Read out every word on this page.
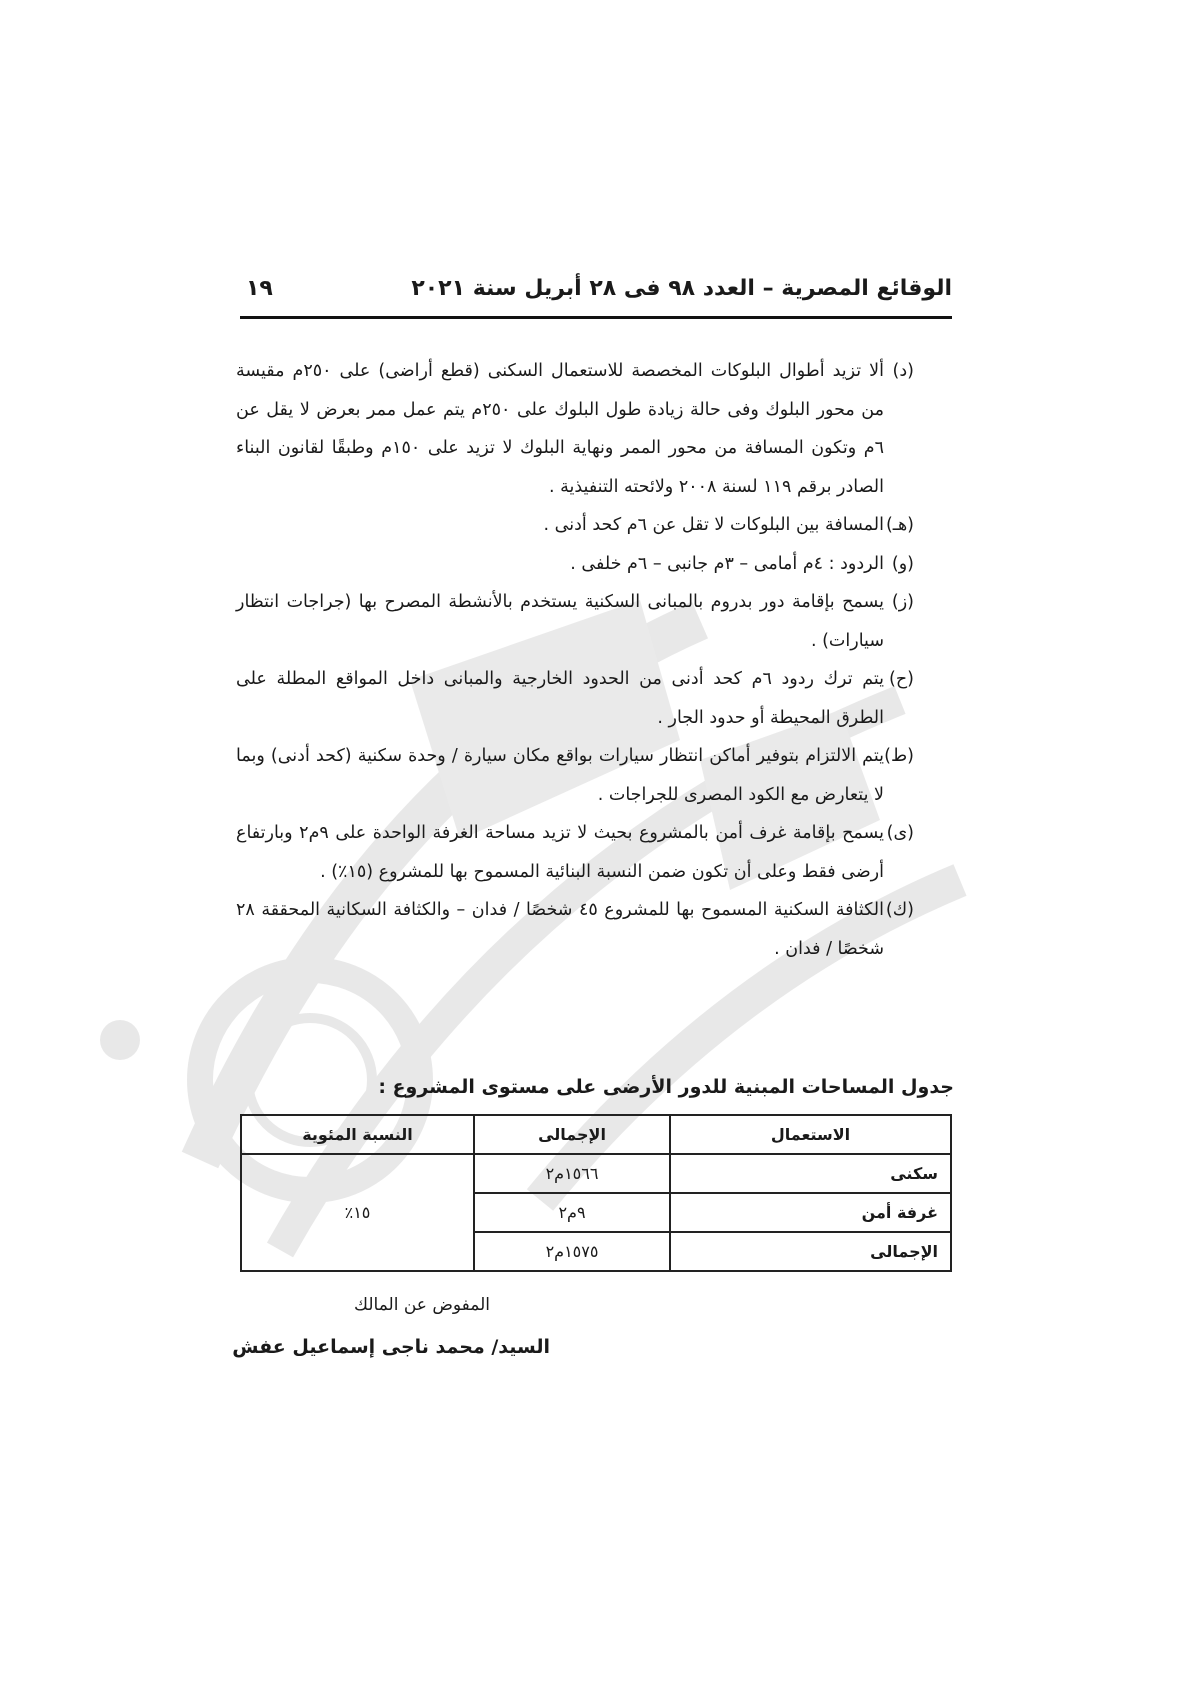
الوقائع المصرية – العدد ٩٨ فى ٢٨ أبريل سنة ٢٠٢١
١٩
(د)
ألا تزيد أطوال البلوكات المخصصة للاستعمال السكنى (قطع أراضى) على ٢٥٠م مقيسة من محور البلوك وفى حالة زيادة طول البلوك على ٢٥٠م يتم عمل ممر بعرض لا يقل عن ٦م وتكون المسافة من محور الممر ونهاية البلوك لا تزيد على ١٥٠م وطبقًا لقانون البناء الصادر برقم ١١٩ لسنة ٢٠٠٨ ولائحته التنفيذية .
(هـ)
المسافة بين البلوكات لا تقل عن ٦م كحد أدنى .
(و)
الردود : ٤م أمامى – ٣م جانبى – ٦م خلفى .
(ز)
يسمح بإقامة دور بدروم بالمبانى السكنية يستخدم بالأنشطة المصرح بها (جراجات انتظار سيارات) .
(ح)
يتم ترك ردود ٦م كحد أدنى من الحدود الخارجية والمبانى داخل المواقع المطلة على الطرق المحيطة أو حدود الجار .
(ط)
يتم الالتزام بتوفير أماكن انتظار سيارات بواقع مكان سيارة / وحدة سكنية (كحد أدنى) وبما لا يتعارض مع الكود المصرى للجراجات .
(ى)
يسمح بإقامة غرف أمن بالمشروع بحيث لا تزيد مساحة الغرفة الواحدة على ٩م٢ وبارتفاع أرضى فقط وعلى أن تكون ضمن النسبة البنائية المسموح بها للمشروع (١٥٪) .
(ك)
الكثافة السكنية المسموح بها للمشروع ٤٥ شخصًا / فدان – والكثافة السكانية المحققة ٢٨ شخصًا / فدان .
جدول المساحات المبنية للدور الأرضى على مستوى المشروع :
الاستعمال	الإجمالى	النسبة المئوية
سكنى	١٥٦٦م٢	١٥٪
غرفة أمن	٩م٢	
الإجمالى	١٥٧٥م٢	
المفوض عن المالك
السيد/ محمد ناجى إسماعيل عفش
